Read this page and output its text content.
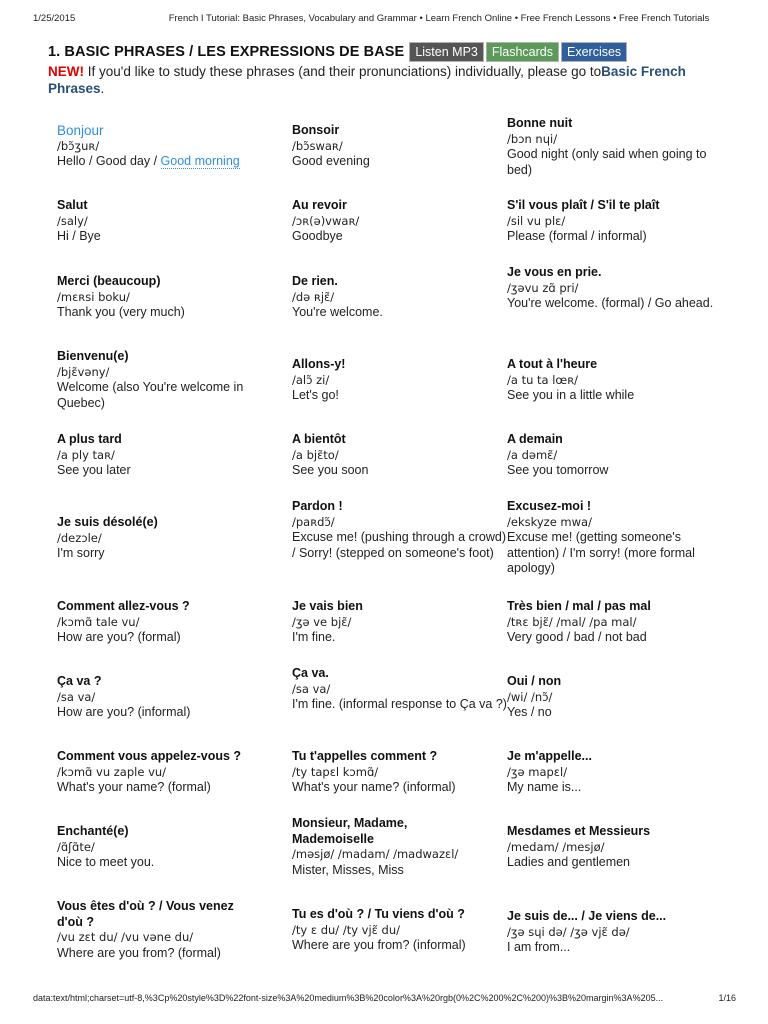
1/25/2015	French I Tutorial: Basic Phrases, Vocabulary and Grammar • Learn French Online • Free French Lessons • Free French Tutorials
1. BASIC PHRASES / LES EXPRESSIONS DE BASE Listen MP3	Flashcards	Exercises
NEW! If you'd like to study these phrases (and their pronunciations) individually, please go toBasic French Phrases.
Bonjour
/bɔ̃ʒuʀ/
Hello / Good day / Good morning
Bonsoir
/bɔ̃swaʀ/
Good evening
Bonne nuit
/bɔn nɥi/
Good night (only said when going to bed)
Salut
/saly/
Hi / Bye
Au revoir
/ɔʀ(ə)vwaʀ/
Goodbye
S'il vous plaît / S'il te plaît
/sil vu plɛ/
Please (formal / informal)
Merci (beaucoup)
/mɛʀsi boku/
Thank you (very much)
De rien.
/də ʀjɛ̃/
You're welcome.
Je vous en prie.
/ʒəvu zɑ̃ pri/
You're welcome. (formal) / Go ahead.
Bienvenu(e)
/bjɛ̃vəny/
Welcome (also You're welcome in Quebec)
Allons-y!
/alɔ̃ zi/
Let's go!
A tout à l'heure
/a tu ta lœʀ/
See you in a little while
A plus tard
/a ply taʀ/
See you later
A bientôt
/a bjɛ̃to/
See you soon
A demain
/a dəmɛ̃/
See you tomorrow
Je suis désolé(e)
/dezɔle/
I'm sorry
Pardon !
/paʀdɔ̃/
Excuse me! (pushing through a crowd) / Sorry! (stepped on someone's foot)
Excusez-moi !
/ekskyze mwa/
Excuse me! (getting someone's attention) / I'm sorry! (more formal apology)
Comment allez-vous ?
/kɔmɑ̃ tale vu/
How are you? (formal)
Je vais bien
/ʒə ve bjɛ̃/
I'm fine.
Très bien / mal / pas mal
/tʀɛ bjɛ̃/ /mal/ /pa mal/
Very good / bad / not bad
Ça va ?
/sa va/
How are you? (informal)
Ça va.
/sa va/
I'm fine. (informal response to Ça va ?)
Oui / non
/wi/ /nɔ̃/
Yes / no
Comment vous appelez-vous ?
/kɔmɑ̃ vu zaple vu/
What's your name? (formal)
Tu t'appelles comment ?
/ty tapɛl kɔmɑ̃/
What's your name? (informal)
Je m'appelle...
/ʒə mapɛl/
My name is...
Enchanté(e)
/ɑ̃ʃɑ̃te/
Nice to meet you.
Monsieur, Madame, Mademoiselle
/məsjø/ /madam/ /madwazɛl/
Mister, Misses, Miss
Mesdames et Messieurs
/medam/ /mesjø/
Ladies and gentlemen
Vous êtes d'où ? / Vous venez d'où ?
/vu zɛt du/ /vu vəne du/
Where are you from? (formal)
Tu es d'où ? / Tu viens d'où ?
/ty ɛ du/ /ty vjɛ̃ du/
Where are you from? (informal)
Je suis de... / Je viens de...
/ʒə sɥi də/ /ʒə vjɛ̃ də/
I am from...
data:text/html;charset=utf-8,%3Cp%20style%3D%22font-size%3A%20medium%3B%20color%3A%20rgb(0%2C%200%2C%200)%3B%20margin%3A%205...	1/16
